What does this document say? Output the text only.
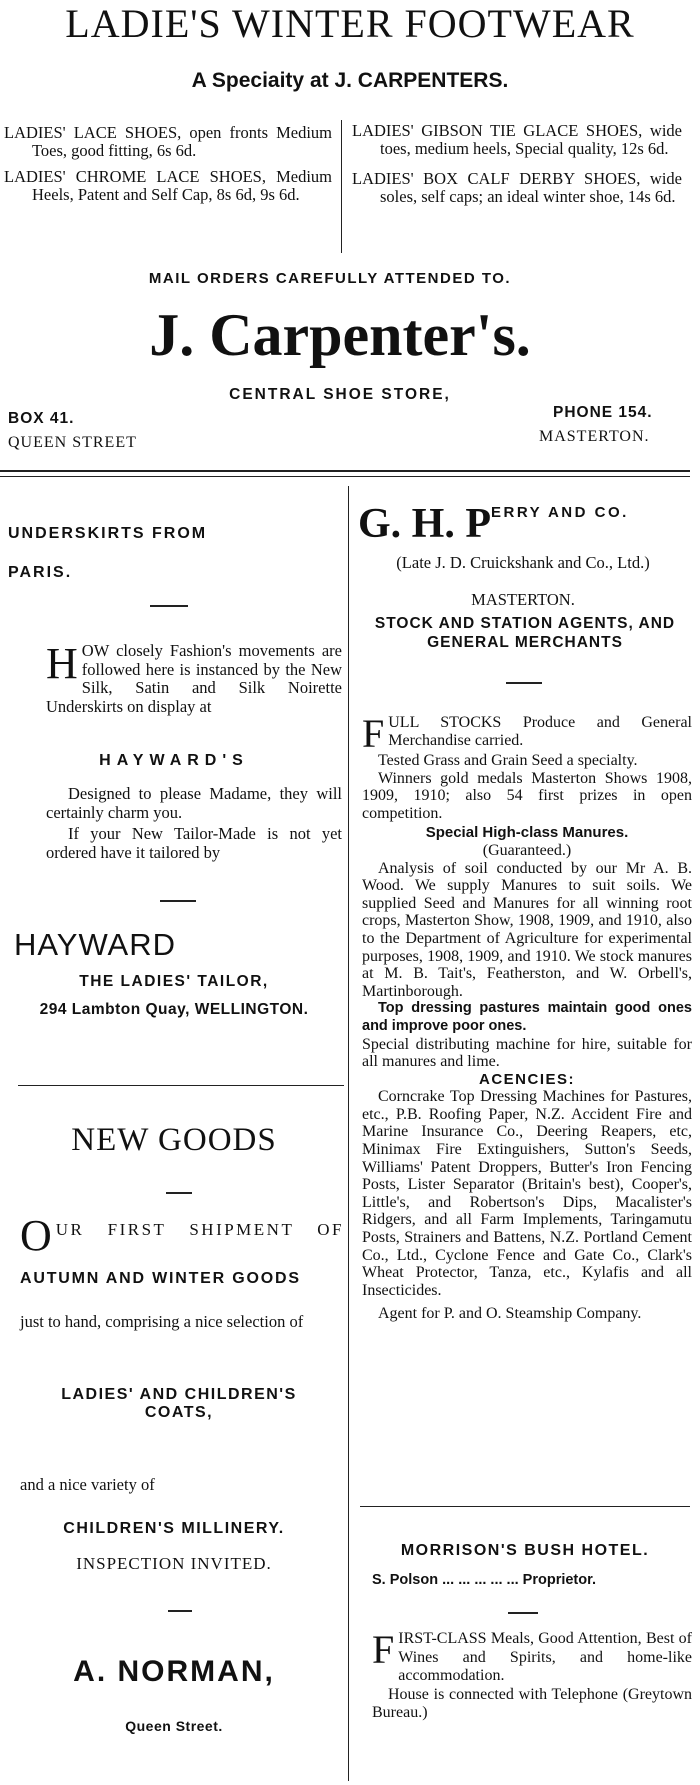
LADIE'S WINTER FOOTWEAR
A Speciaity at J. CARPENTERS.
LADIES' LACE SHOES, open fronts Medium Toes, good fitting, 6s 6d.
LADIES' CHROME LACE SHOES, Medium Heels, Patent and Self Cap, 8s 6d, 9s 6d.
LADIES' GIBSON TIE GLACE SHOES, wide toes, medium heels, Special quality, 12s 6d.
LADIES' BOX CALF DERBY SHOES, wide soles, self caps; an ideal winter shoe, 14s 6d.
MAIL ORDERS CAREFULLY ATTENDED TO.
J. Carpenter's.
CENTRAL SHOE STORE,
BOX 41.
QUEEN STREET
PHONE 154.
MASTERTON.
UNDERSKIRTS FROM
PARIS.
HOW closely Fashion's movements are followed here is instanced by the New Silk, Satin and Silk Noirette Underskirts on display at
HAYWARD'S
Designed to please Madame, they will certainly charm you.
If your New Tailor-Made is not yet ordered have it tailored by
HAYWARD
THE LADIES' TAILOR,
294 Lambton Quay, WELLINGTON.
NEW GOODS
O UR FIRST SHIPMENT OF
AUTUMN AND WINTER GOODS
just to hand, comprising a nice selection of
LADIES' AND CHILDREN'S COATS,
and a nice variety of
CHILDREN'S MILLINERY.
INSPECTION INVITED.
A. NORMAN,
Queen Street.
G. H. PERRY AND CO.
(Late J. D. Cruickshank and Co., Ltd.)
MASTERTON.
STOCK AND STATION AGENTS, AND GENERAL MERCHANTS
FULL STOCKS Produce and General Merchandise carried.
Tested Grass and Grain Seed a specialty.
Winners gold medals Masterton Shows 1908, 1909, 1910; also 54 first prizes in open competition.
Special High-class Manures.
(Guaranteed.)
Analysis of soil conducted by our Mr A. B. Wood. We supply Manures to suit soils. We supplied Seed and Manures for all winning root crops, Masterton Show, 1908, 1909, and 1910, also to the Department of Agriculture for experimental purposes, 1908, 1909, and 1910. We stock manures at M. B. Tait's, Featherston, and W. Orbell's, Martinborough.
Top dressing pastures maintain good ones and improve poor ones.
Special distributing machine for hire, suitable for all manures and lime.
ACENCIES:
Corncrake Top Dressing Machines for Pastures, etc., P.B. Roofing Paper, N.Z. Accident Fire and Marine Insurance Co., Deering Reapers, etc, Minimax Fire Extinguishers, Sutton's Seeds, Williams' Patent Droppers, Butter's Iron Fencing Posts, Lister Separator (Britain's best), Cooper's, Little's, and Robertson's Dips, Macalister's Ridgers, and all Farm Implements, Taringamutu Posts, Strainers and Battens, N.Z. Portland Cement Co., Ltd., Cyclone Fence and Gate Co., Clark's Wheat Protector, Tanza, etc., Kylafis and all Insecticides.
Agent for P. and O. Steamship Company.
MORRISON'S BUSH HOTEL.
S. Polson ... ... ... ... ... Proprietor.
FIRST-CLASS Meals, Good Attention, Best of Wines and Spirits, and home-like accommodation.
House is connected with Telephone (Greytown Bureau.)
